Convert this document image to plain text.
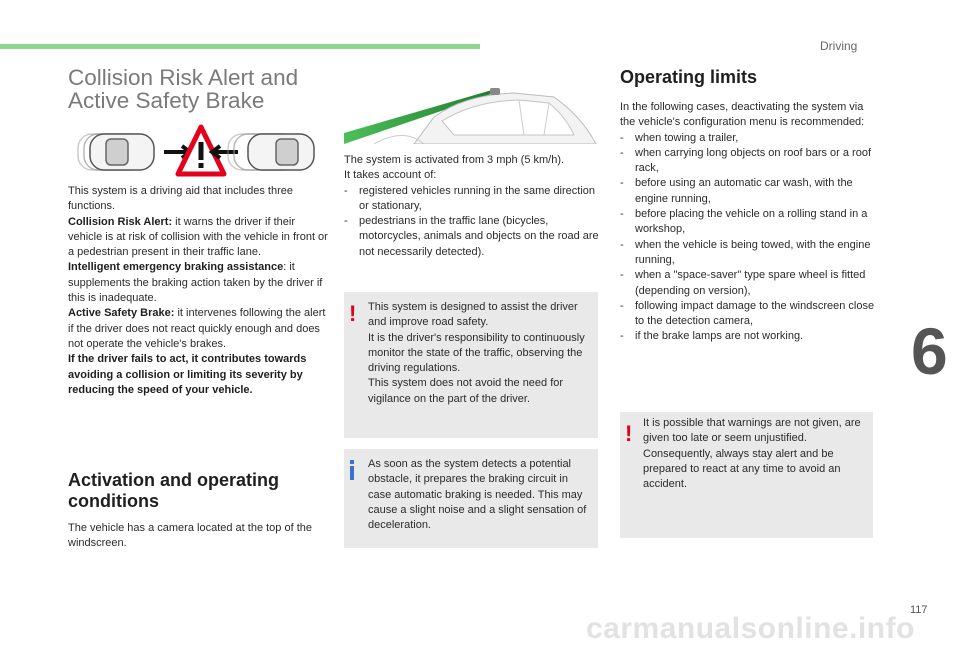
Driving
6
117
carmanualsonline.info
Collision Risk Alert and Active Safety Brake

This system is a driving aid that includes three functions.

Collision Risk Alert: it warns the driver if their vehicle is at risk of collision with the vehicle in front or a pedestrian present in their traffic lane.

Intelligent emergency braking assistance: it supplements the braking action taken by the driver if this is inadequate.

Active Safety Brake: it intervenes following the alert if the driver does not react quickly enough and does not operate the vehicle's brakes.

If the driver fails to act, it contributes towards avoiding a collision or limiting its severity by reducing the speed of your vehicle.

Activation and operating conditions
The vehicle has a camera located at the top of the windscreen.

The system is activated from 3 mph (5 km/h).

It takes account of:

- registered vehicles running in the same direction or stationary,
- pedestrians in the traffic lane (bicycles, motorcycles, animals and objects on the road are not necessarily detected).
! This system is designed to assist the driver and improve road safety.
It is the driver's responsibility to continuously monitor the state of the traffic, observing the driving regulations.
This system does not avoid the need for vigilance on the part of the driver.
As soon as the system detects a potential obstacle, it prepares the braking circuit in case automatic braking is needed. This may cause a slight noise and a slight sensation of deceleration.
Operating limits

In the following cases, deactivating the system via the vehicle's configuration menu is recommended:

- when towing a trailer,
- when carrying long objects on roof bars or a roof rack,
- before using an automatic car wash, with the engine running,
- before placing the vehicle on a rolling stand in a workshop,
- when the vehicle is being towed, with the engine running,
- when a "space-saver" type spare wheel is fitted (depending on version),
- following impact damage to the windscreen close to the detection camera,
- if the brake lamps are not working.
! It is possible that warnings are not given, are given too late or seem unjustified. Consequently, always stay alert and be prepared to react at any time to avoid an accident.
